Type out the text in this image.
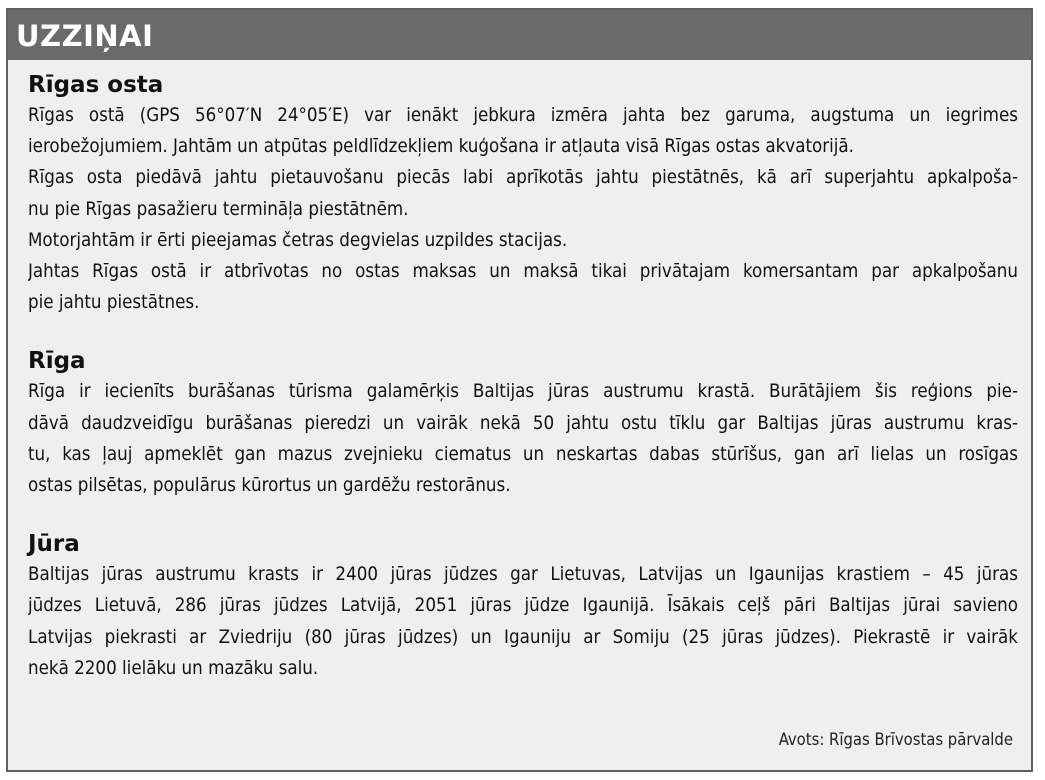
UZZIŅAI
Rīgas osta
Rīgas ostā (GPS 56°07′N 24°05′E) var ienākt jebkura izmēra jahta bez garuma, augstuma un iegrimes
ierobežojumiem. Jahtām un atpūtas peldlīdzekļiem kuģošana ir atļauta visā Rīgas ostas akvatorijā.
Rīgas osta piedāvā jahtu pietauvošanu piecās labi aprīkotās jahtu piestātnēs, kā arī superjahtu apkalpoša-
nu pie Rīgas pasažieru termināļa piestātnēm.
Motorjahtām ir ērti pieejamas četras degvielas uzpildes stacijas.
Jahtas Rīgas ostā ir atbrīvotas no ostas maksas un maksā tikai privātajam komersantam par apkalpošanu
pie jahtu piestātnes.
Rīga
Rīga ir iecienīts burāšanas tūrisma galamērķis Baltijas jūras austrumu krastā. Burātājiem šis reģions pie-
dāvā daudzveidīgu burāšanas pieredzi un vairāk nekā 50 jahtu ostu tīklu gar Baltijas jūras austrumu kras-
tu, kas ļauj apmeklēt gan mazus zvejnieku ciematus un neskartas dabas stūrīšus, gan arī lielas un rosīgas
ostas pilsētas, populārus kūrortus un gardēžu restorānus.
Jūra
Baltijas jūras austrumu krasts ir 2400 jūras jūdzes gar Lietuvas, Latvijas un Igaunijas krastiem – 45 jūras
jūdzes Lietuvā, 286 jūras jūdzes Latvijā, 2051 jūras jūdze Igaunijā. Īsākais ceļš pāri Baltijas jūrai savieno
Latvijas piekrasti ar Zviedriju (80 jūras jūdzes) un Igauniju ar Somiju (25 jūras jūdzes). Piekrastē ir vairāk
nekā 2200 lielāku un mazāku salu.
Avots: Rīgas Brīvostas pārvalde
